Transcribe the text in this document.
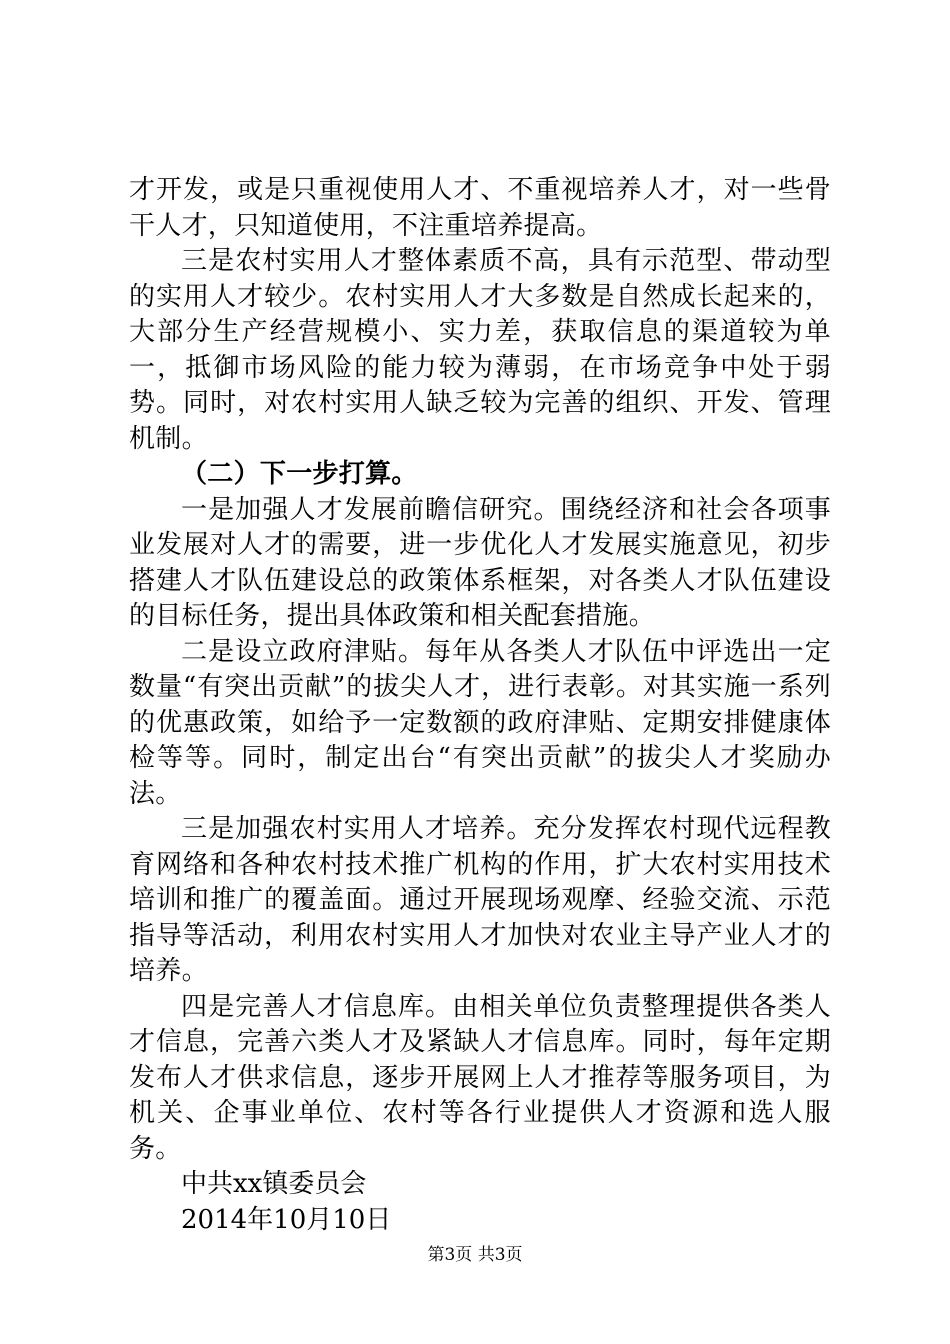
才开发，或是只重视使用人才、不重视培养人才，对一些骨干人才，只知道使用，不注重培养提高。

三是农村实用人才整体素质不高，具有示范型、带动型的实用人才较少。农村实用人才大多数是自然成长起来的，大部分生产经营规模小、实力差，获取信息的渠道较为单一，抵御市场风险的能力较为薄弱，在市场竞争中处于弱势。同时，对农村实用人缺乏较为完善的组织、开发、管理机制。

（二）下一步打算。

一是加强人才发展前瞻信研究。围绕经济和社会各项事业发展对人才的需要，进一步优化人才发展实施意见，初步搭建人才队伍建设总的政策体系框架，对各类人才队伍建设的目标任务，提出具体政策和相关配套措施。

二是设立政府津贴。每年从各类人才队伍中评选出一定数量“有突出贡献”的拔尖人才，进行表彰。对其实施一系列的优惠政策，如给予一定数额的政府津贴、定期安排健康体检等等。同时，制定出台“有突出贡献”的拔尖人才奖励办法。

三是加强农村实用人才培养。充分发挥农村现代远程教育网络和各种农村技术推广机构的作用，扩大农村实用技术培训和推广的覆盖面。通过开展现场观摩、经验交流、示范指导等活动，利用农村实用人才加快对农业主导产业人才的培养。

四是完善人才信息库。由相关单位负责整理提供各类人才信息，完善六类人才及紧缺人才信息库。同时，每年定期发布人才供求信息，逐步开展网上人才推荐等服务项目，为机关、企事业单位、农村等各行业提供人才资源和选人服务。

中共xx镇委员会

2014年10月10日

第3页 共3页
